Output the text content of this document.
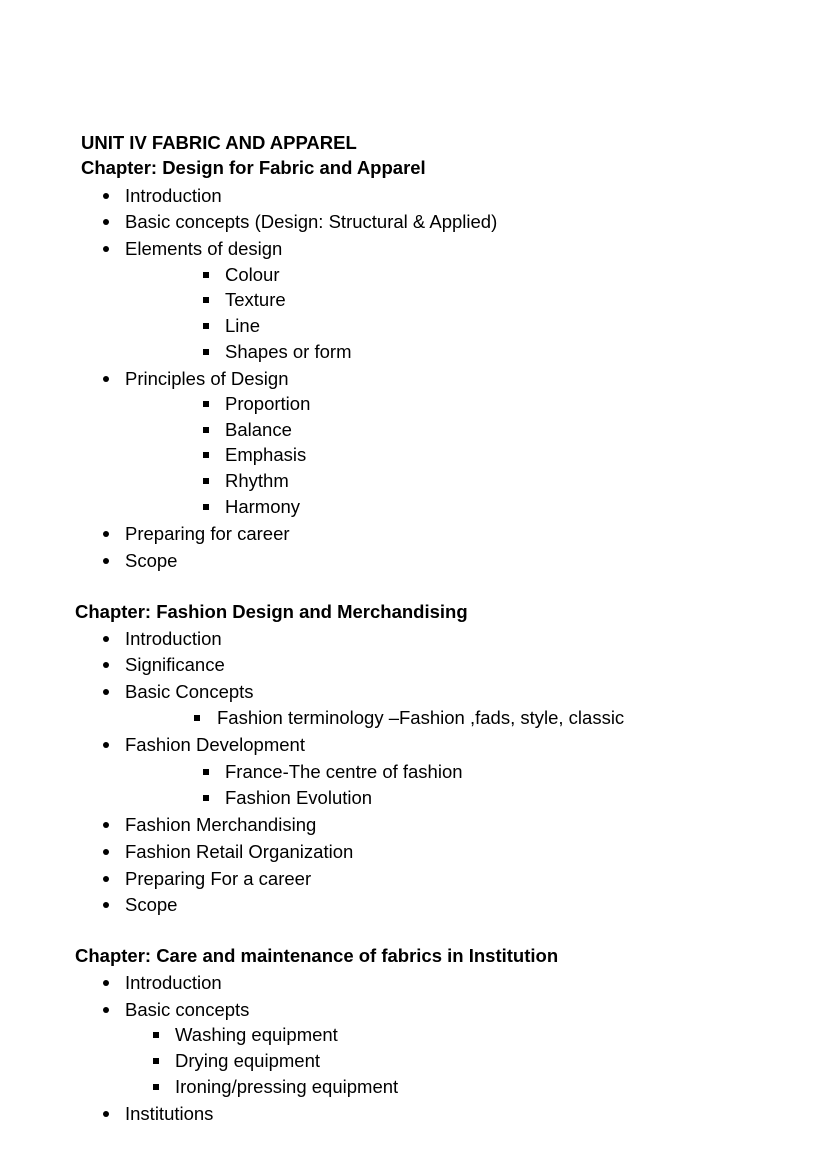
UNIT IV FABRIC AND APPAREL
Chapter: Design for Fabric and Apparel
Introduction
Basic concepts (Design: Structural & Applied)
Elements of design
Colour
Texture
Line
Shapes or form
Principles of Design
Proportion
Balance
Emphasis
Rhythm
Harmony
Preparing for career
Scope
Chapter: Fashion Design and Merchandising
Introduction
Significance
Basic Concepts
Fashion terminology –Fashion ,fads, style, classic
Fashion Development
France-The centre of fashion
Fashion Evolution
Fashion Merchandising
Fashion Retail Organization
Preparing For a career
Scope
Chapter: Care and maintenance of fabrics in Institution
Introduction
Basic concepts
Washing equipment
Drying equipment
Ironing/pressing equipment
Institutions
